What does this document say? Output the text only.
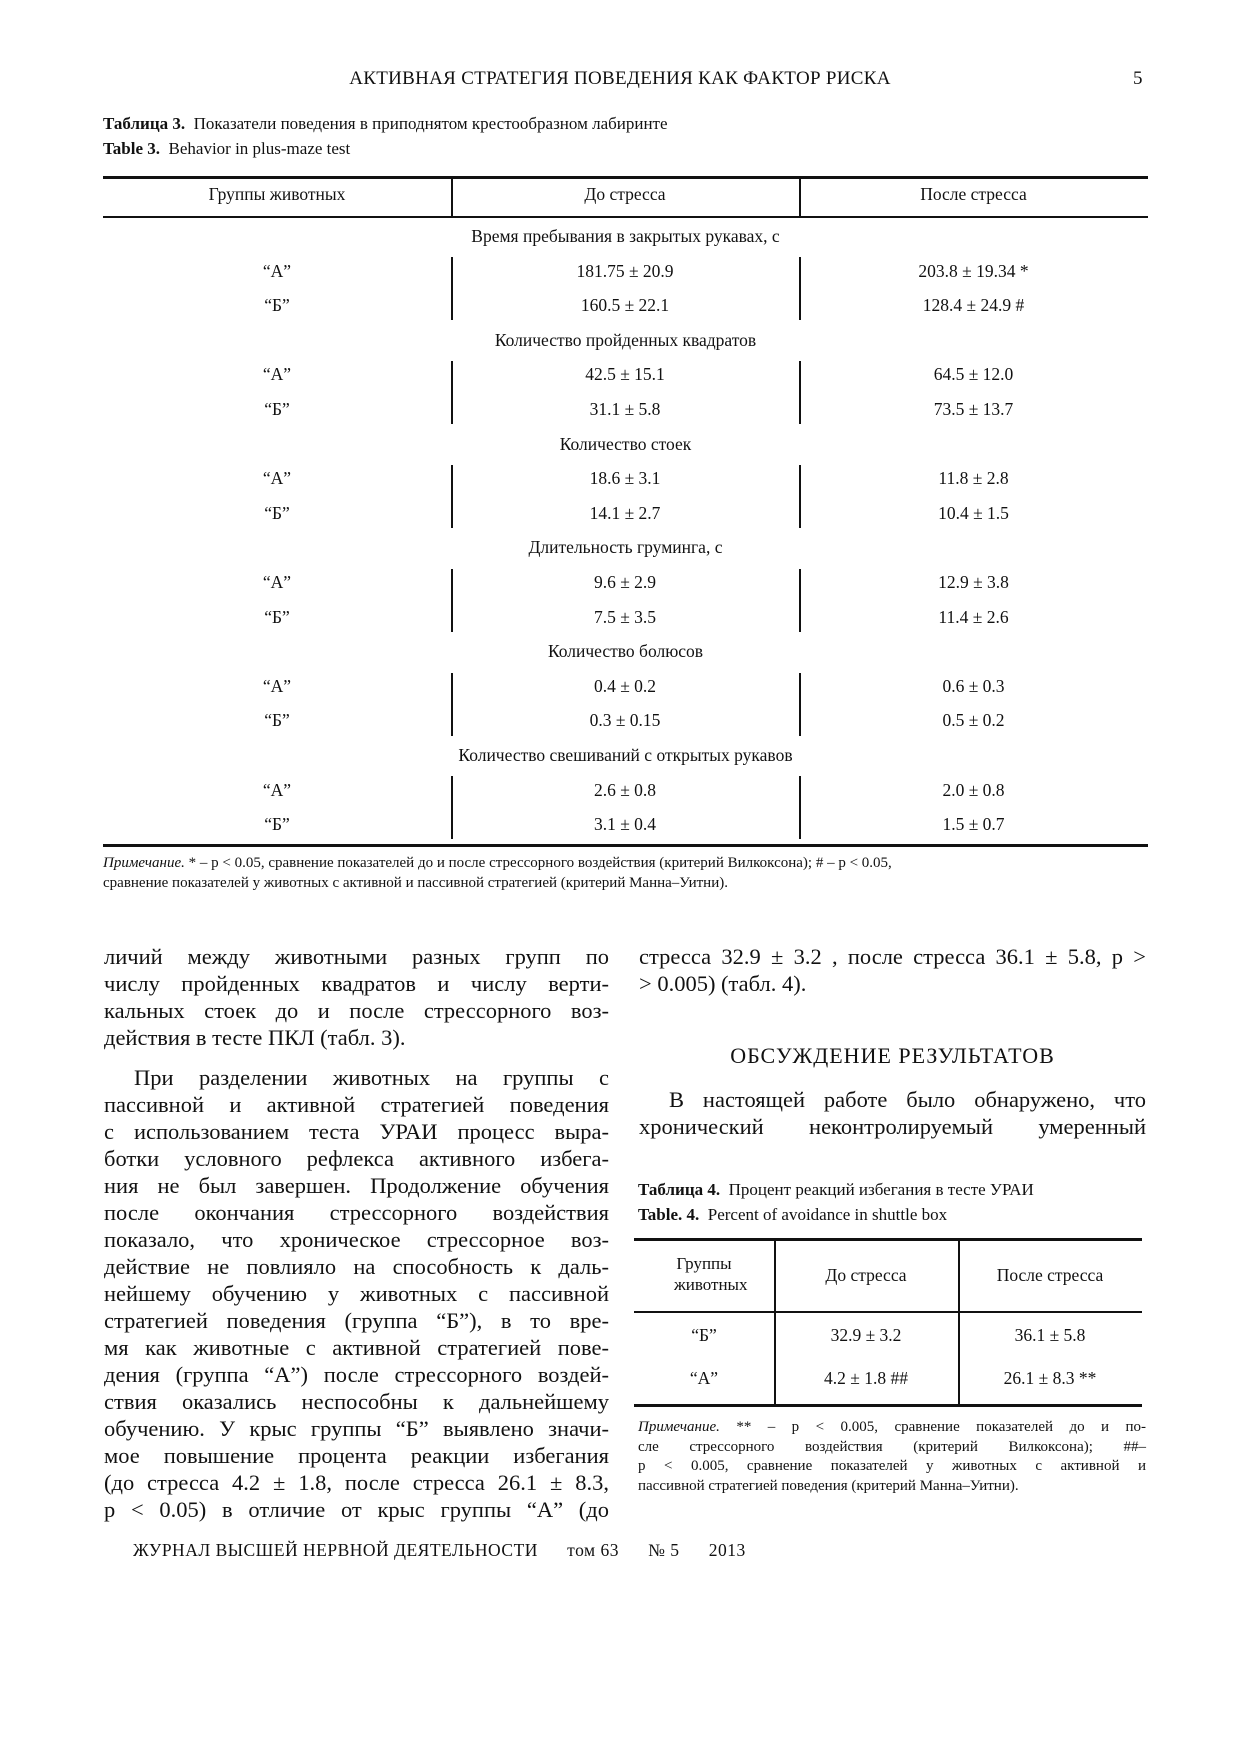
АКТИВНАЯ СТРАТЕГИЯ ПОВЕДЕНИЯ КАК ФАКТОР РИСКА	5
Таблица 3. Показатели поведения в приподнятом крестообразном лабиринте
Table 3. Behavior in plus-maze test
Группы животных	До стресса	После стресса
Время пребывания в закрытых рукавах, с
“А”	181.75 ± 20.9	203.8 ± 19.34 *
“Б”	160.5 ± 22.1	128.4 ± 24.9 #
Количество пройденных квадратов
“А”	42.5 ± 15.1	64.5 ± 12.0
“Б”	31.1 ± 5.8	73.5 ± 13.7
Количество стоек
“А”	18.6 ± 3.1	11.8 ± 2.8
“Б”	14.1 ± 2.7	10.4 ± 1.5
Длительность груминга, с
“А”	9.6 ± 2.9	12.9 ± 3.8
“Б”	7.5 ± 3.5	11.4 ± 2.6
Количество болюсов
“А”	0.4 ± 0.2	0.6 ± 0.3
“Б”	0.3 ± 0.15	0.5 ± 0.2
Количество свешиваний с открытых рукавов
“А”	2.6 ± 0.8	2.0 ± 0.8
“Б”	3.1 ± 0.4	1.5 ± 0.7
Примечание. * – p < 0.05, сравнение показателей до и после стрессорного воздействия (критерий Вилкоксона); # – p < 0.05,
сравнение показателей у животных с активной и пассивной стратегией (критерий Манна–Уитни).
личий между животными разных групп по
числу пройденных квадратов и числу верти-
кальных стоек до и после стрессорного воз-
действия в тесте ПКЛ (табл. 3).
При разделении животных на группы с
пассивной и активной стратегией поведения
с использованием теста УРАИ процесс выра-
ботки условного рефлекса активного избега-
ния не был завершен. Продолжение обучения
после окончания стрессорного воздействия
показало, что хроническое стрессорное воз-
действие не повлияло на способность к даль-
нейшему обучению у животных с пассивной
стратегией поведения (группа “Б”), в то вре-
мя как животные с активной стратегией пове-
дения (группа “А”) после стрессорного воздей-
ствия оказались неспособны к дальнейшему
обучению. У крыс группы “Б” выявлено значи-
мое повышение процента реакции избегания
(до стресса 4.2 ± 1.8, после стресса 26.1 ± 8.3,
p < 0.05) в отличие от крыс группы “А” (до
стресса 32.9 ± 3.2 , после стресса 36.1 ± 5.8, p >
> 0.005) (табл. 4).
ОБСУЖДЕНИЕ РЕЗУЛЬТАТОВ
В настоящей работе было обнаружено, что
хронический неконтролируемый умеренный
Таблица 4. Процент реакций избегания в тесте УРАИ
Table. 4. Percent of avoidance in shuttle box
Группы животных	До стресса	После стресса
“Б”	32.9 ± 3.2	36.1 ± 5.8
“А”	4.2 ± 1.8 ##	26.1 ± 8.3 **
Примечание. ** – p < 0.005, сравнение показателей до и по-
сле стрессорного воздействия (критерий Вилкоксона); ##–
p < 0.005, сравнение показателей у животных с активной и
пассивной стратегией поведения (критерий Манна–Уитни).
ЖУРНАЛ ВЫСШЕЙ НЕРВНОЙ ДЕЯТЕЛЬНОСТИ том 63 № 5 2013
